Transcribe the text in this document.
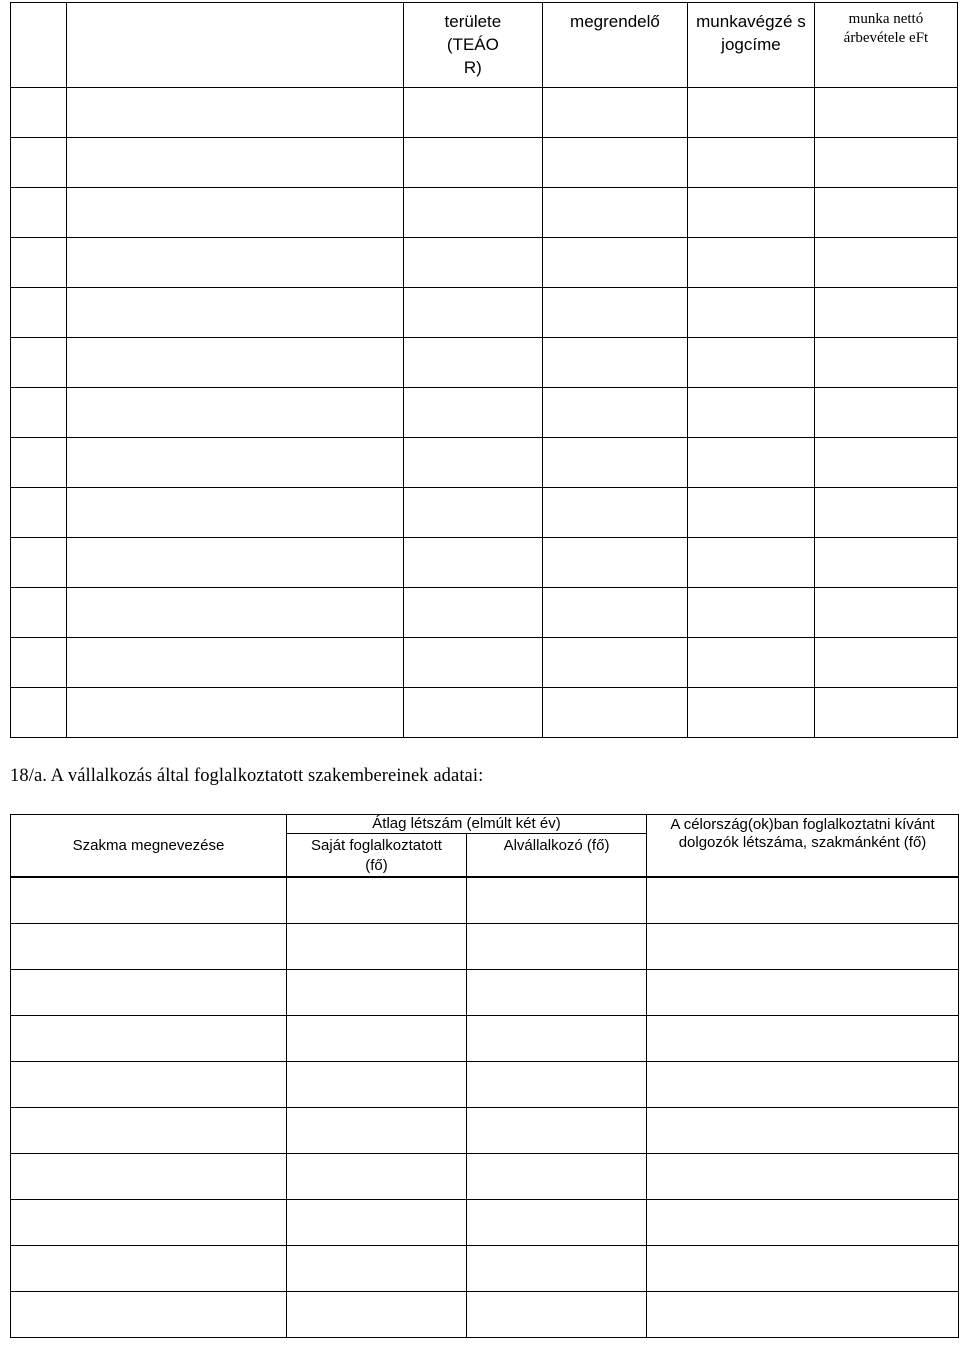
		területe (TEÁO R)	megrendelő	munkavégzé s jogcíme	munka nettó árbevétele eFt

18/a. A vállalkozás által foglalkoztatott szakembereinek adatai:
Szakma megnevezése	Átlag létszám (elmúlt két év)		A célország(ok)ban foglalkoztatni kívánt dolgozók létszáma, szakmánként (fő)

	Saját foglalkoztatott (fő)	Alvállalkozó (fő)	
